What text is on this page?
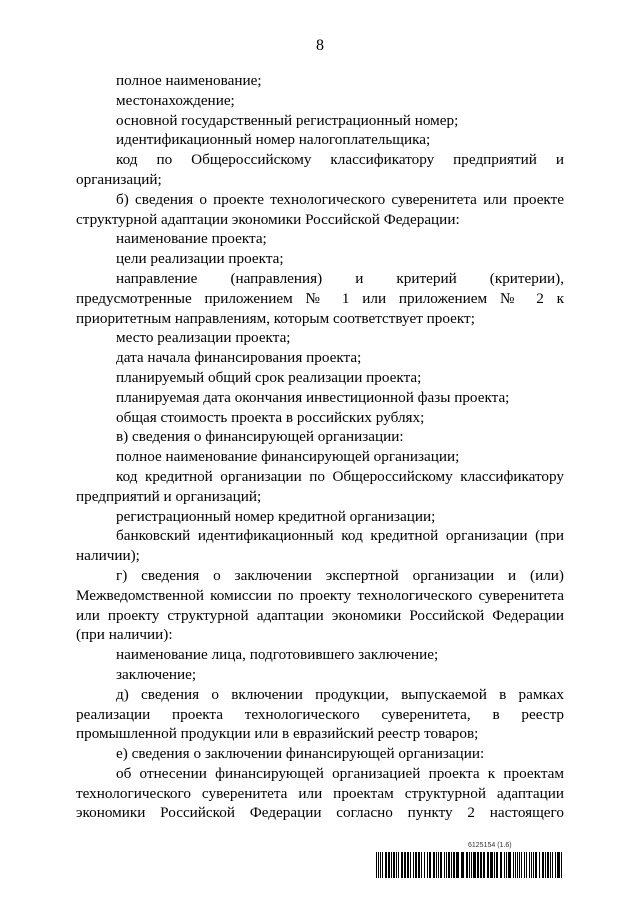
8

полное наименование;

местонахождение;

основной государственный регистрационный номер;

идентификационный номер налогоплательщика;

код по Общероссийскому классификатору предприятий и организаций;

б) сведения о проекте технологического суверенитета или проекте структурной адаптации экономики Российской Федерации:

наименование проекта;

цели реализации проекта;

направление (направления) и критерий (критерии), предусмотренные приложением № 1 или приложением № 2 к приоритетным направлениям, которым соответствует проект;

место реализации проекта;

дата начала финансирования проекта;

планируемый общий срок реализации проекта;

планируемая дата окончания инвестиционной фазы проекта;

общая стоимость проекта в российских рублях;

в) сведения о финансирующей организации:

полное наименование финансирующей организации;

код кредитной организации по Общероссийскому классификатору предприятий и организаций;

регистрационный номер кредитной организации;

банковский идентификационный код кредитной организации (при наличии);

г) сведения о заключении экспертной организации и (или) Межведомственной комиссии по проекту технологического суверенитета или проекту структурной адаптации экономики Российской Федерации (при наличии):

наименование лица, подготовившего заключение;

заключение;

д) сведения о включении продукции, выпускаемой в рамках реализации проекта технологического суверенитета, в реестр промышленной продукции или в евразийский реестр товаров;

е) сведения о заключении финансирующей организации:

об отнесении финансирующей организацией проекта к проектам технологического суверенитета или проектам структурной адаптации экономики Российской Федерации согласно пункту 2 настоящего

6125154 (1.6)
